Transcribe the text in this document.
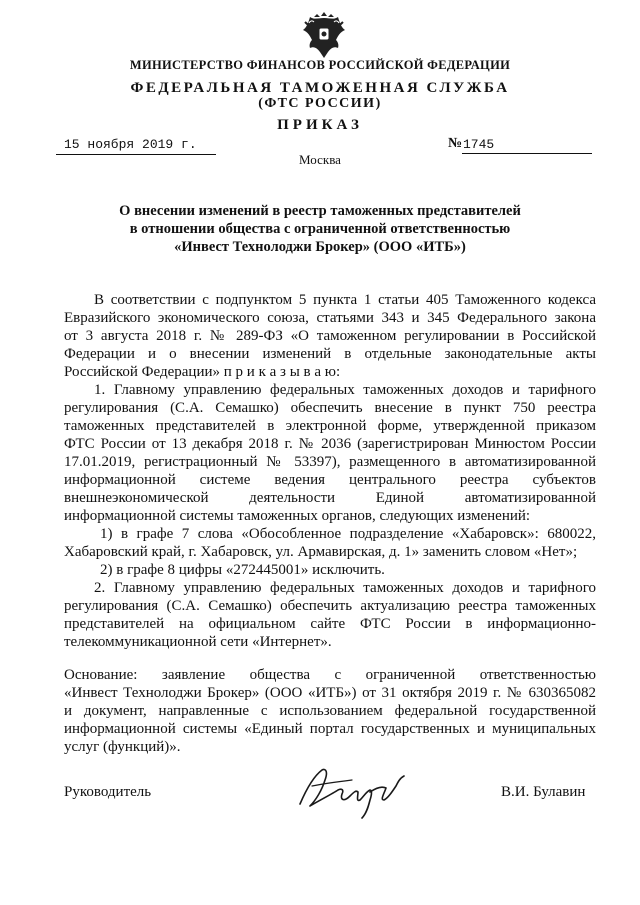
МИНИСТЕРСТВО ФИНАНСОВ РОССИЙСКОЙ ФЕДЕРАЦИИ
ФЕДЕРАЛЬНАЯ ТАМОЖЕННАЯ СЛУЖБА
(ФТС РОССИИ)
ПРИКАЗ
15 ноября 2019 г.	№ 1745
Москва
О внесении изменений в реестр таможенных представителей
в отношении общества с ограниченной ответственностью
«Инвест Технолоджи Брокер» (ООО «ИТБ»)
В соответствии с подпунктом 5 пункта 1 статьи 405 Таможенного кодекса
Евразийского экономического союза, статьями 343 и 345 Федерального закона
от 3 августа 2018 г. № 289-ФЗ «О таможенном регулировании в Российской
Федерации и о внесении изменений в отдельные законодательные акты
Российской Федерации» п р и к а з ы в а ю:
1. Главному управлению федеральных таможенных доходов и тарифного
регулирования (С.А. Семашко) обеспечить внесение в пункт 750 реестра
таможенных представителей в электронной форме, утвержденной приказом
ФТС России от 13 декабря 2018 г. № 2036 (зарегистрирован Минюстом России
17.01.2019, регистрационный № 53397), размещенного в автоматизированной
информационной системе ведения центрального реестра субъектов
внешнеэкономической деятельности Единой автоматизированной
информационной системы таможенных органов, следующих изменений:
1) в графе 7 слова «Обособленное подразделение «Хабаровск»: 680022,
Хабаровский край, г. Хабаровск, ул. Армавирская, д. 1» заменить словом «Нет»;
2) в графе 8 цифры «272445001» исключить.
2. Главному управлению федеральных таможенных доходов и тарифного
регулирования (С.А. Семашко) обеспечить актуализацию реестра таможенных
представителей на официальном сайте ФТС России в информационно-
телекоммуникационной сети «Интернет».
Основание: заявление общества с ограниченной ответственностью
«Инвест Технолоджи Брокер» (ООО «ИТБ») от 31 октября 2019 г. № 630365082
и документ, направленные с использованием федеральной государственной
информационной системы «Единый портал государственных и муниципальных
услуг (функций)».
Руководитель	В.И. Булавин
